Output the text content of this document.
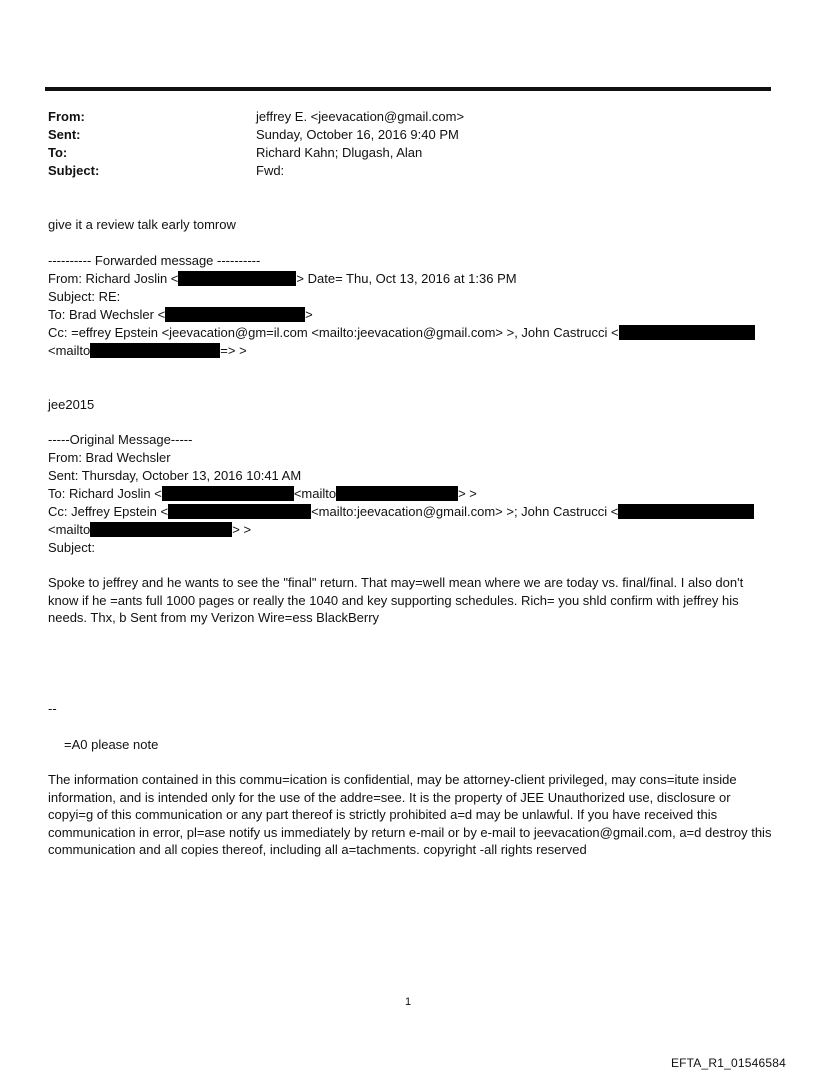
From:	jeffrey E. <jeevacation@gmail.com>
Sent:	Sunday, October 16, 2016 9:40 PM
To:	Richard Kahn; Dlugash, Alan
Subject:	Fwd:
give it a review talk early tomrow
---------- Forwarded message ----------
From: Richard Joslin <	> Date= Thu, Oct 13, 2016 at 1:36 PM
Subject: RE:
To: Brad Wechsler <	>
Cc: =effrey Epstein <jeevacation@gm=il.com <mailto:jeevacation@gmail.com> >, John Castrucci <
<mailto	=> >
jee2015
-----Original Message-----
From: Brad Wechsler
Sent: Thursday, October 13, 2016 10:41 AM
To: Richard Joslin <	<mailto	> >
Cc: Jeffrey Epstein <	<mailto:jeevacation@gmail.com> >; John Castrucci <
<mailto	> >
Subject:
Spoke to jeffrey and he wants to see the "final" return. That may=well mean where we are today vs. final/final. I also don't know if he =ants full 1000 pages or really the 1040 and key supporting schedules. Rich= you shld confirm with jeffrey his needs. Thx, b Sent from my Verizon Wire=ess BlackBerry
--
=A0 please note
The information contained in this commu=ication is confidential, may be attorney-client privileged, may cons=itute inside information, and is intended only for the use of the addre=see. It is the property of JEE Unauthorized use, disclosure or copyi=g of this communication or any part thereof is strictly prohibited a=d may be unlawful. If you have received this communication in error, pl=ase notify us immediately by return e-mail or by e-mail to jeevacation@gmail.com, a=d destroy this communication and all copies thereof, including all a=tachments. copyright -all rights reserved
1
EFTA_R1_01546584
